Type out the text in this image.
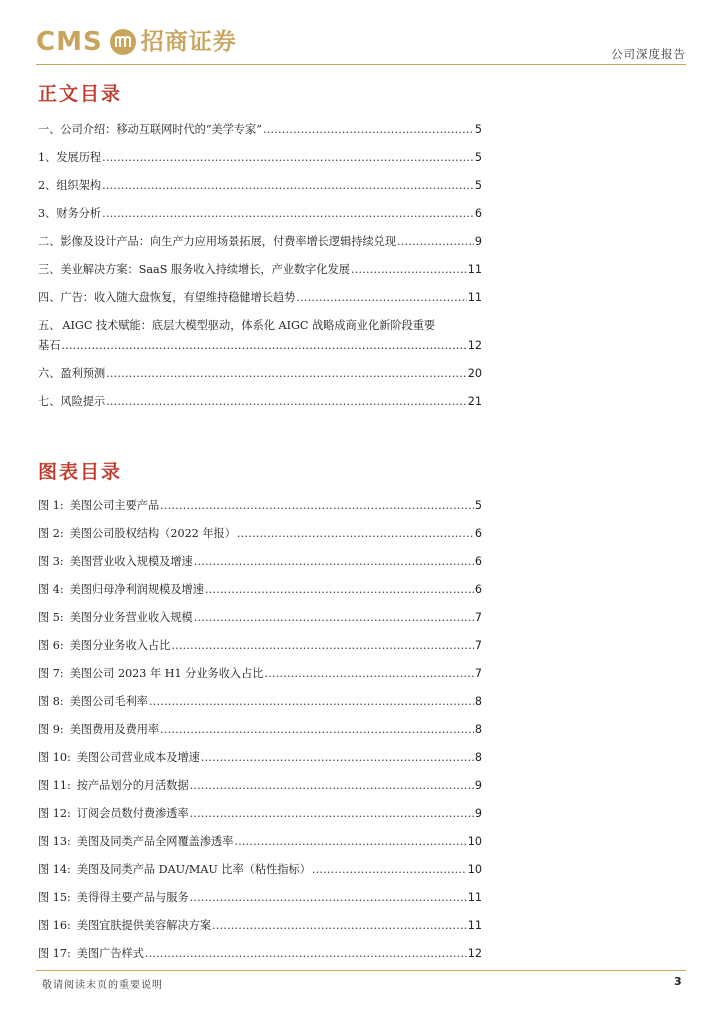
CMS 招商证券	公司深度报告
正文目录
一、 公司介绍：移动互联网时代的“美学专家” .....	5
1、 发展历程 .....	5
2、 组织架构 .....	5
3、 财务分析 .....	6
二、 影像及设计产品：向生产力应用场景拓展，付费率增长逻辑持续兑现 .....	9
三、 美业解决方案：SaaS 服务收入持续增长，产业数字化发展 .....	11
四、 广告：收入随大盘恢复，有望维持稳健增长趋势 .....	11
五、 AIGC 技术赋能：底层大模型驱动，体系化 AIGC 战略成商业化新阶段重要
基石 .....	12
六、 盈利预测 .....	20
七、 风险提示 .....	21
图表目录
图 1: 美图公司主要产品 .....	5
图 2: 美图公司股权结构（2022 年报） .....	6
图 3: 美图营业收入规模及增速 .....	6
图 4: 美图归母净利润规模及增速 .....	6
图 5: 美图分业务营业收入规模 .....	7
图 6: 美图分业务收入占比 .....	7
图 7: 美图公司 2023 年 H1 分业务收入占比 .....	7
图 8: 美图公司毛利率 .....	8
图 9: 美图费用及费用率 .....	8
图 10: 美图公司营业成本及增速 .....	8
图 11: 按产品划分的月活数据 .....	9
图 12: 订阅会员数付费渗透率 .....	9
图 13: 美图及同类产品全网覆盖渗透率 .....	10
图 14: 美图及同类产品 DAU/MAU 比率（粘性指标） .....	10
图 15: 美得得主要产品与服务 .....	11
图 16: 美图宜肤提供美容解决方案 .....	11
图 17: 美图广告样式 .....	12
敬请阅读末页的重要说明	3
